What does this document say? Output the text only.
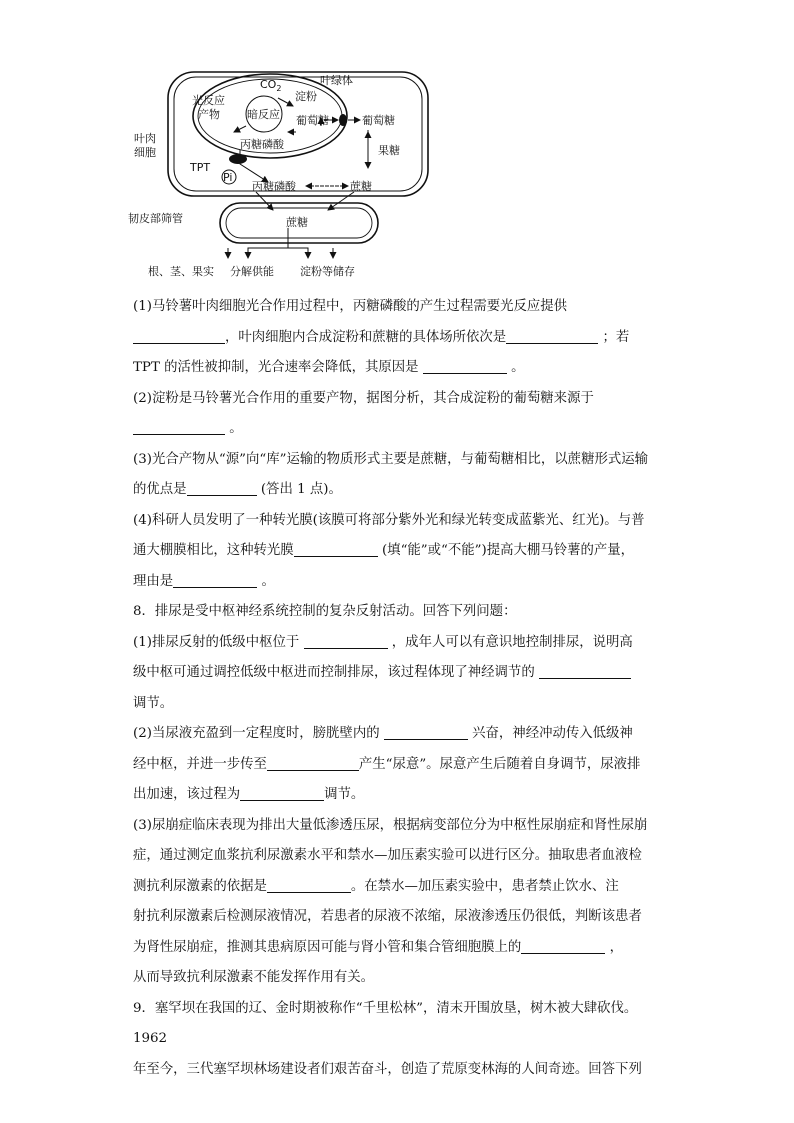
$CO_2$
叶绿体
淀粉
光反应
产物 暗反应 葡萄糖	葡萄糖
丙糖磷酸
叶肉
细胞
TPT
Pi
果糖
丙糖磷酸	蔗糖
韧皮部筛管	蔗糖
根、茎、果实 分解供能 淀粉等储存

(1)马铃薯叶肉细胞光合作用过程中，丙糖磷酸的产生过程需要光反应提供

，叶肉细胞内合成淀粉和蔗糖的具体场所依次是	；若

TPT 的活性被抑制，光合速率会降低，其原因是	。

(2)淀粉是马铃薯光合作用的重要产物，据图分析，其合成淀粉的葡萄糖来源于

。

(3)光合产物从“源”向“库”运输的物质形式主要是蔗糖，与葡萄糖相比，以蔗糖形式运输

的优点是	(答出 1 点)。

(4)科研人员发明了一种转光膜(该膜可将部分紫外光和绿光转变成蓝紫光、红光)。与普

通大棚膜相比，这种转光膜	(填“能”或“不能”)提高大棚马铃薯的产量，

理由是	。

8．排尿是受中枢神经系统控制的复杂反射活动。回答下列问题：

(1)排尿反射的低级中枢位于	，成年人可以有意识地控制排尿，说明高

级中枢可通过调控低级中枢进而控制排尿，该过程体现了神经调节的

调节。

(2)当尿液充盈到一定程度时，膀胱壁内的	兴奋，神经冲动传入低级神

经中枢，并进一步传至	产生“尿意”。尿意产生后随着自身调节，尿液排

出加速，该过程为	调节。

(3)尿崩症临床表现为排出大量低渗透压尿，根据病变部位分为中枢性尿崩症和肾性尿崩

症，通过测定血浆抗利尿激素水平和禁水—加压素实验可以进行区分。抽取患者血液检

测抗利尿激素的依据是	。在禁水—加压素实验中，患者禁止饮水、注

射抗利尿激素后检测尿液情况，若患者的尿液不浓缩，尿液渗透压仍很低，判断该患者

为肾性尿崩症，推测其患病原因可能与肾小管和集合管细胞膜上的	，

从而导致抗利尿激素不能发挥作用有关。

9．塞罕坝在我国的辽、金时期被称作“千里松林”，清末开围放垦，树木被大肆砍伐。1962

年至今，三代塞罕坝林场建设者们艰苦奋斗，创造了荒原变林海的人间奇迹。回答下列
